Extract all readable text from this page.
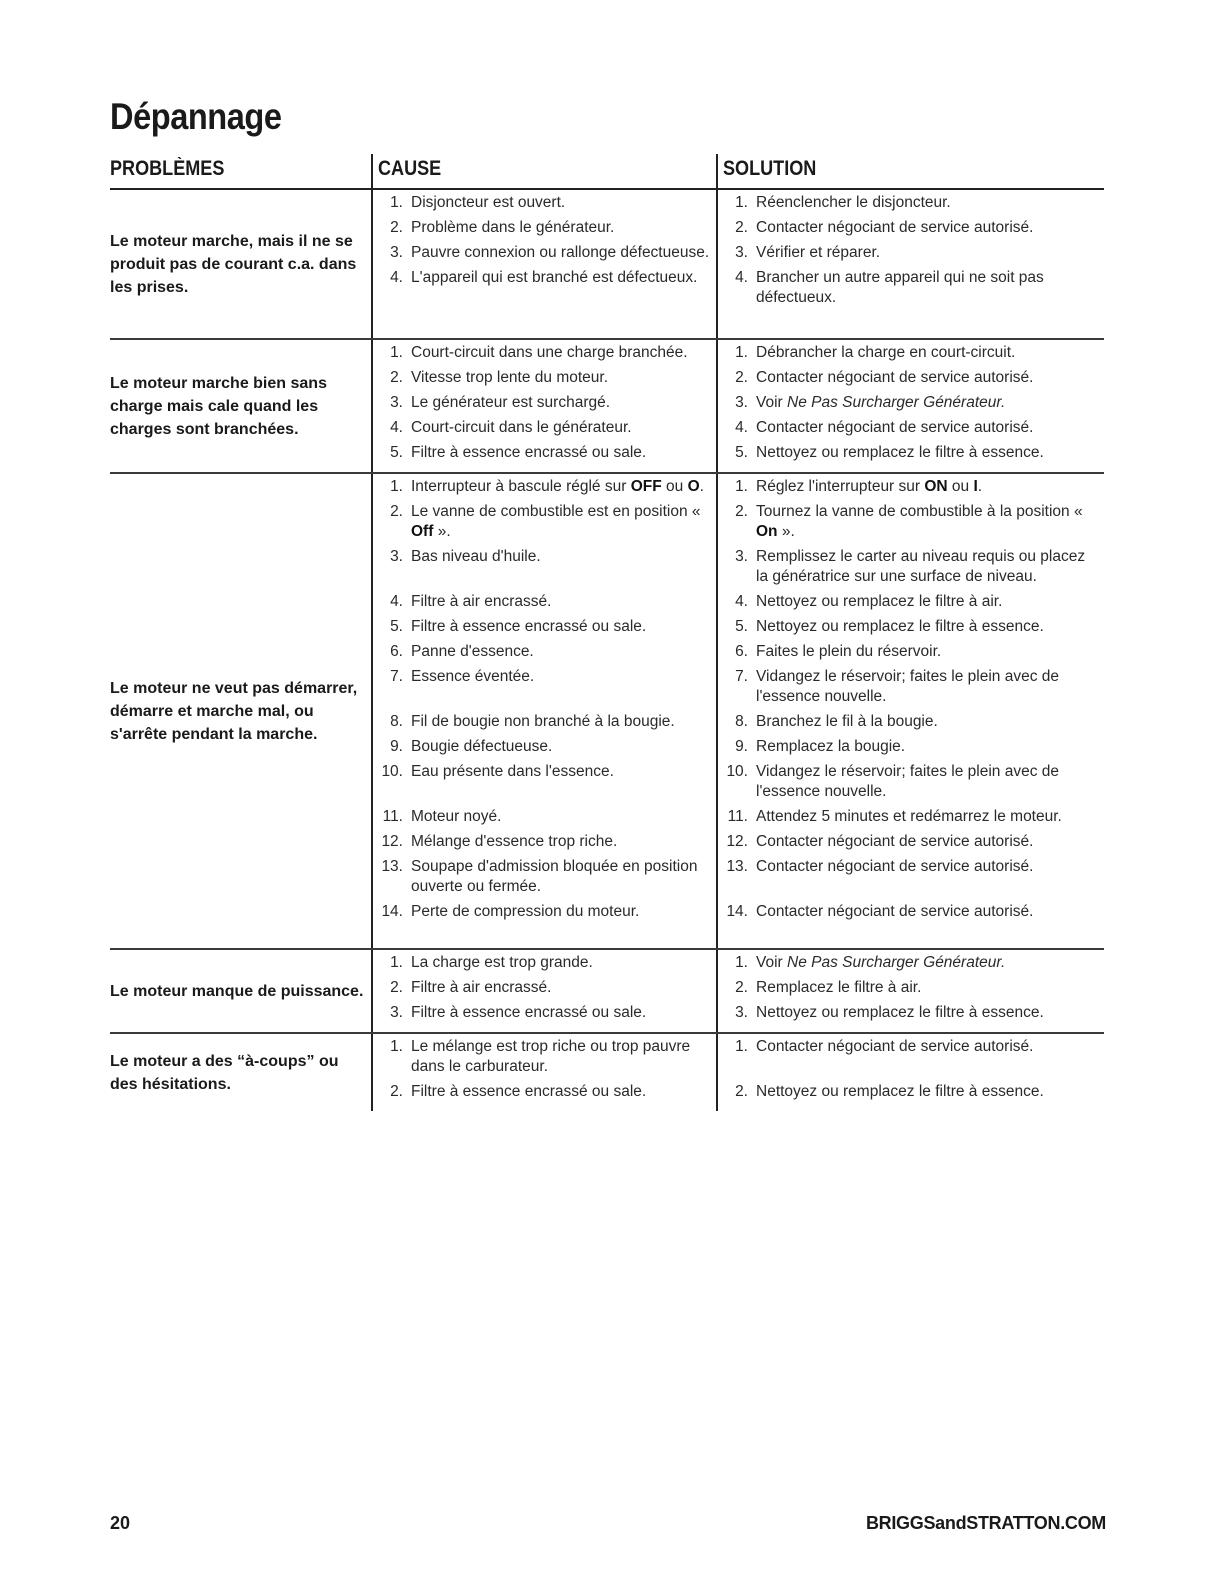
Dépannage
PROBLÈMES	CAUSE	SOLUTION
Le moteur marche, mais il ne se produit pas de courant c.a. dans les prises.
1. Disjoncteur est ouvert.
2. Problème dans le générateur.
3. Pauvre connexion ou rallonge défectueuse.
4. L'appareil qui est branché est défectueux.
1. Réenclencher le disjoncteur.
2. Contacter négociant de service autorisé.
3. Vérifier et réparer.
4. Brancher un autre appareil qui ne soit pas défectueux.
Le moteur marche bien sans charge mais cale quand les charges sont branchées.
1. Court-circuit dans une charge branchée.
2. Vitesse trop lente du moteur.
3. Le générateur est surchargé.
4. Court-circuit dans le générateur.
5. Filtre à essence encrassé ou sale.
1. Débrancher la charge en court-circuit.
2. Contacter négociant de service autorisé.
3. Voir Ne Pas Surcharger Générateur.
4. Contacter négociant de service autorisé.
5. Nettoyez ou remplacez le filtre à essence.
Le moteur ne veut pas démarrer, démarre et marche mal, ou s'arrête pendant la marche.
1. Interrupteur à bascule réglé sur OFF ou O.
2. Le vanne de combustible est en position « Off ».
3. Bas niveau d'huile.
4. Filtre à air encrassé.
5. Filtre à essence encrassé ou sale.
6. Panne d'essence.
7. Essence éventée.
8. Fil de bougie non branché à la bougie.
9. Bougie défectueuse.
10. Eau présente dans l'essence.
11. Moteur noyé.
12. Mélange d'essence trop riche.
13. Soupape d'admission bloquée en position ouverte ou fermée.
14. Perte de compression du moteur.
1. Réglez l'interrupteur sur ON ou I.
2. Tournez la vanne de combustible à la position « On ».
3. Remplissez le carter au niveau requis ou placez la génératrice sur une surface de niveau.
4. Nettoyez ou remplacez le filtre à air.
5. Nettoyez ou remplacez le filtre à essence.
6. Faites le plein du réservoir.
7. Vidangez le réservoir; faites le plein avec de l'essence nouvelle.
8. Branchez le fil à la bougie.
9. Remplacez la bougie.
10. Vidangez le réservoir; faites le plein avec de l'essence nouvelle.
11. Attendez 5 minutes et redémarrez le moteur.
12. Contacter négociant de service autorisé.
13. Contacter négociant de service autorisé.
14. Contacter négociant de service autorisé.
Le moteur manque de puissance.
1. La charge est trop grande.
2. Filtre à air encrassé.
3. Filtre à essence encrassé ou sale.
1. Voir Ne Pas Surcharger Générateur.
2. Remplacez le filtre à air.
3. Nettoyez ou remplacez le filtre à essence.
Le moteur a des “à-coups” ou des hésitations.
1. Le mélange est trop riche ou trop pauvre dans le carburateur.
2. Filtre à essence encrassé ou sale.
1. Contacter négociant de service autorisé.
2. Nettoyez ou remplacez le filtre à essence.
20	BRIGGSandSTRATTON.COM
